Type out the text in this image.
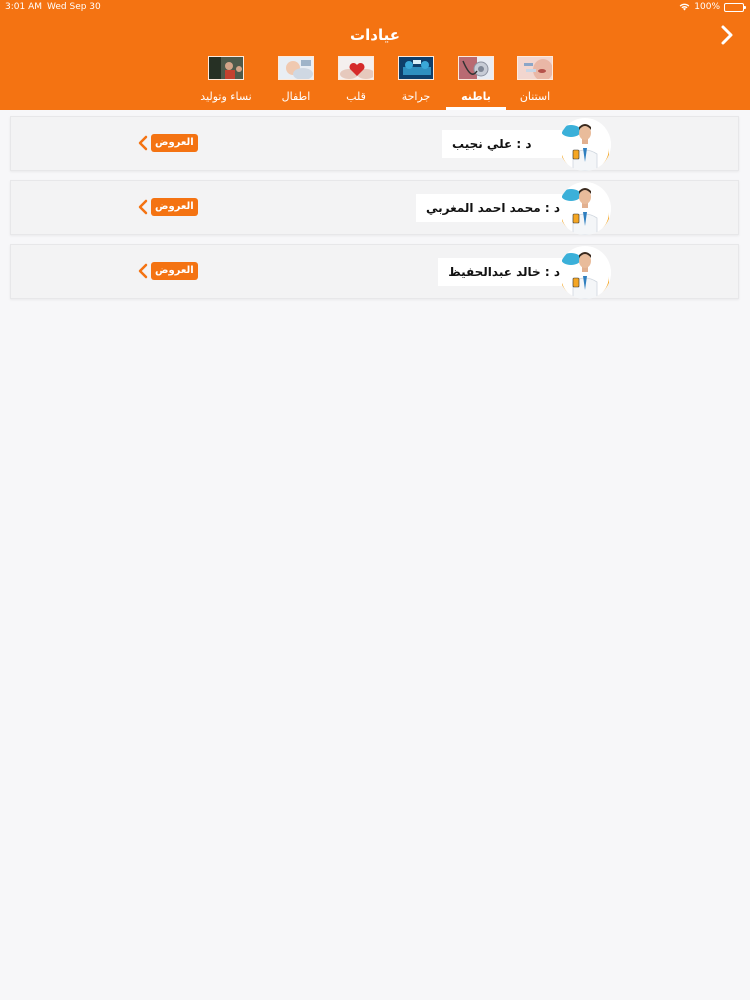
3:01 AM Wed Sep 30	100%
عيادات
استنان
باطنه
جراحة
قلب
اطفال
نساء وتوليد
د : علي نجيب
العروض
د : محمد احمد المغربي
العروض
د : خالد عبدالحفيظ
العروض
